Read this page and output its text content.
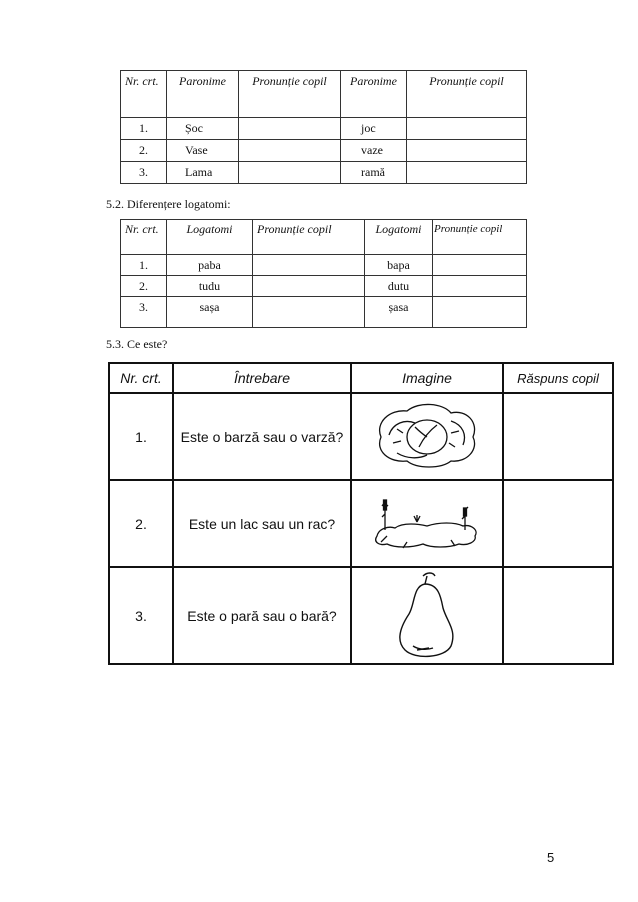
Nr. crt.	Paronime	Pronunție copil	Paronime	Pronunție copil
1.	Șoc		joc	
2.	Vase		vaze	
3.	Lama		ramă	
5.2. Diferențere logatomi:
Nr. crt.	Logatomi	Pronunție copil	Logatomi	Pronunție copil
1.	paba		bapa	
2.	tudu		dutu	
3.	sașa		șasa	
5.3. Ce este?
Nr. crt.	Întrebare	Imagine	Răspuns copil
1.	Este o barză sau o varză?		
2.	Este un lac sau un rac?		
3.	Este o pară sau o bară?		
5
